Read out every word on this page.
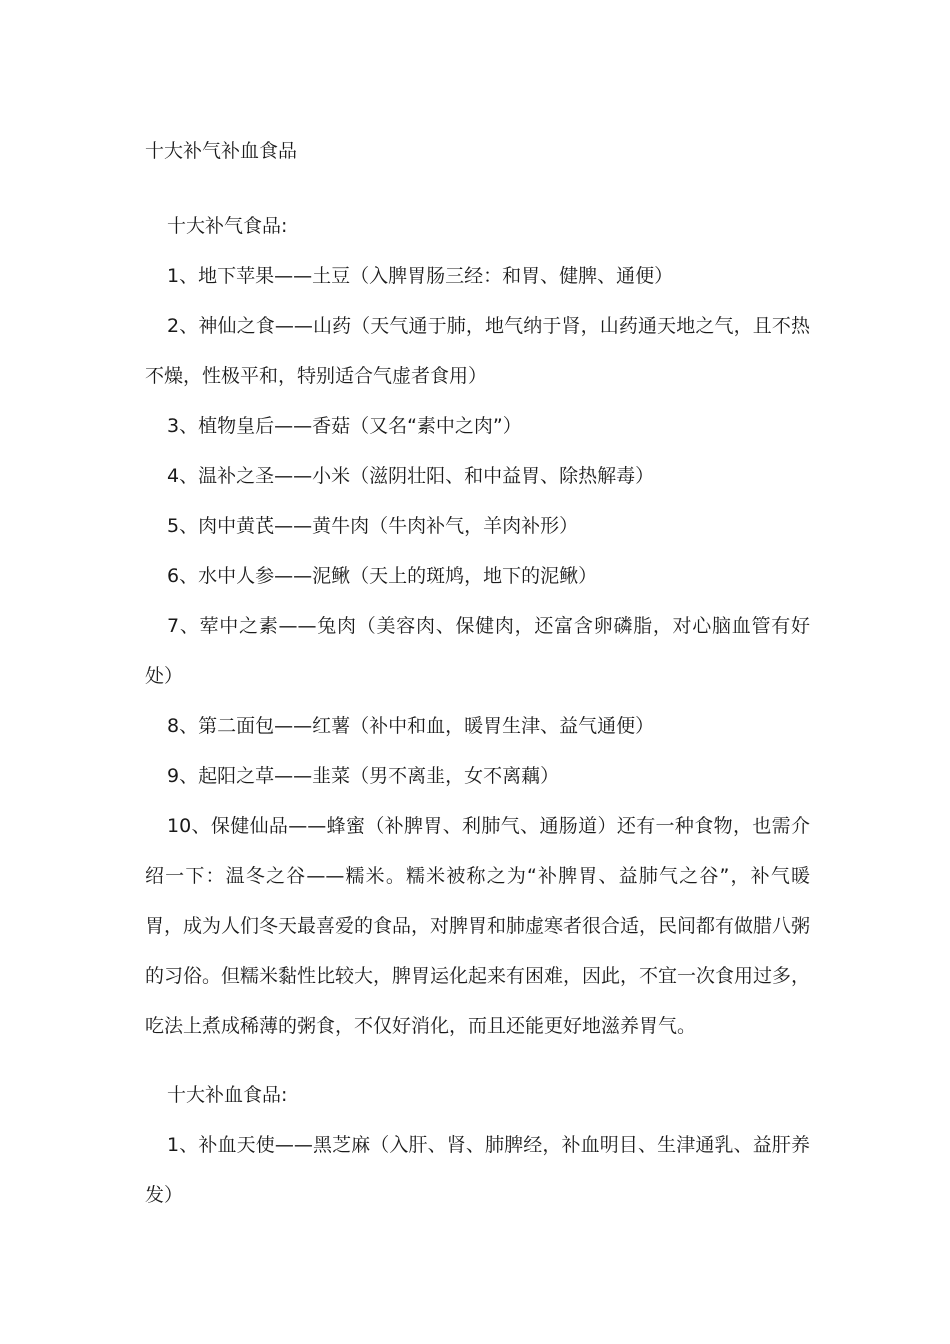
十大补气补血食品
十大补气食品:

1、地下苹果——土豆（入脾胃肠三经：和胃、健脾、通便）

2、神仙之食——山药（天气通于肺，地气纳于肾，山药通天地之气，且不热不燥，性极平和，特别适合气虚者食用）

3、植物皇后——香菇（又名“素中之肉”）

4、温补之圣——小米（滋阴壮阳、和中益胃、除热解毒）

5、肉中黄芪——黄牛肉（牛肉补气，羊肉补形）

6、水中人参——泥鳅（天上的斑鸠，地下的泥鳅）

7、荤中之素——兔肉（美容肉、保健肉，还富含卵磷脂，对心脑血管有好处）

8、第二面包——红薯（补中和血，暖胃生津、益气通便）

9、起阳之草——韭菜（男不离韭，女不离藕）

10、保健仙品——蜂蜜（补脾胃、利肺气、通肠道）还有一种食物，也需介绍一下：温冬之谷——糯米。糯米被称之为“补脾胃、益肺气之谷”，补气暖胃，成为人们冬天最喜爱的食品，对脾胃和肺虚寒者很合适，民间都有做腊八粥的习俗。但糯米黏性比较大，脾胃运化起来有困难，因此，不宜一次食用过多，吃法上煮成稀薄的粥食，不仅好消化，而且还能更好地滋养胃气。

十大补血食品:

1、补血天使——黑芝麻（入肝、肾、肺脾经，补血明目、生津通乳、益肝养发）
